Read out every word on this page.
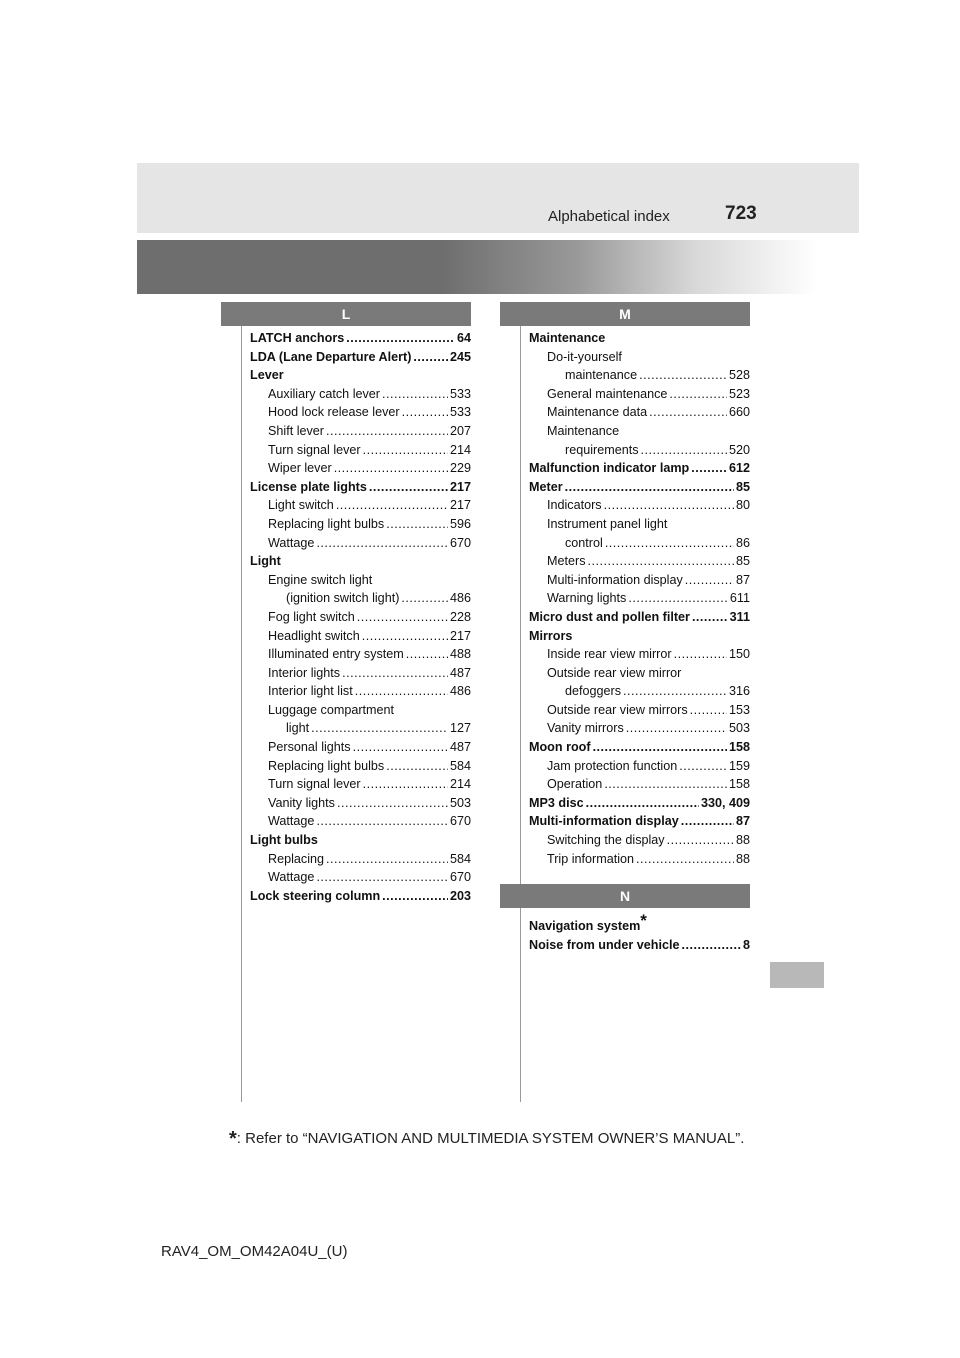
Alphabetical index	723
L	M
N
LATCH anchors .....	64
LDA (Lane Departure Alert) .....	245
Lever
Auxiliary catch lever .....	533
Hood lock release lever .....	533
Shift lever .....	207
Turn signal lever .....	214
Wiper lever .....	229
License plate lights .....	217
Light switch .....	217
Replacing light bulbs .....	596
Wattage .....	670
Light
Engine switch light
(ignition switch light) .....	486
Fog light switch .....	228
Headlight switch .....	217
Illuminated entry system .....	488
Interior lights .....	487
Interior light list .....	486
Luggage compartment
light .....	127
Personal lights .....	487
Replacing light bulbs .....	584
Turn signal lever .....	214
Vanity lights .....	503
Wattage .....	670
Light bulbs
Replacing .....	584
Wattage .....	670
Lock steering column .....	203
Maintenance
Do-it-yourself
maintenance .....	528
General maintenance .....	523
Maintenance data .....	660
Maintenance
requirements .....	520
Malfunction indicator lamp .....	612
Meter .....	85
Indicators .....	80
Instrument panel light
control .....	86
Meters .....	85
Multi-information display .....	87
Warning lights .....	611
Micro dust and pollen filter .....	311
Mirrors
Inside rear view mirror .....	150
Outside rear view mirror
defoggers .....	316
Outside rear view mirrors .....	153
Vanity mirrors .....	503
Moon roof .....	158
Jam protection function .....	159
Operation .....	158
MP3 disc .....	330, 409
Multi-information display .....	87
Switching the display .....	88
Trip information .....	88
Navigation system*
Noise from under vehicle .....	8
*: Refer to “NAVIGATION AND MULTIMEDIA SYSTEM OWNER’S MANUAL”.
RAV4_OM_OM42A04U_(U)
